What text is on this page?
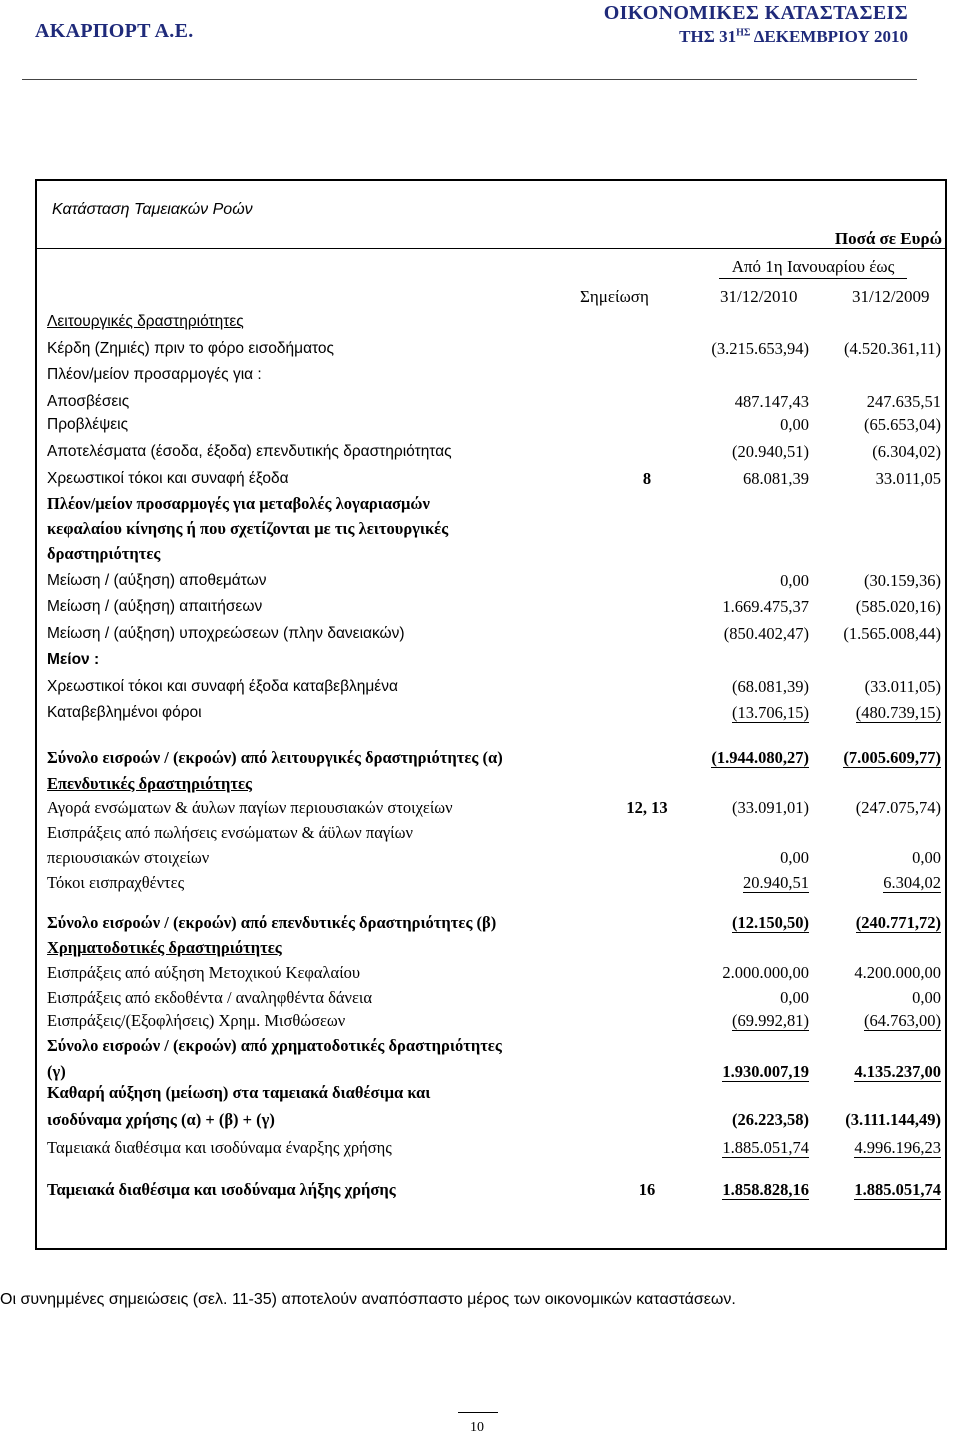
ΑΚΑΡΠΟΡΤ Α.Ε.
ΟΙΚΟΝΟΜΙΚΕΣ ΚΑΤΑΣΤΑΣΕΙΣ
ΤΗΣ $31^{H\Sigma}$ ΔΕΚΕΜΒΡΙΟΥ 2010
Κατάσταση Ταμειακών Ροών
Ποσά σε Ευρώ
Από 1η Ιανουαρίου έως
Σημείωση	31/12/2010	31/12/2009
Λειτουργικές δραστηριότητες
Κέρδη (Ζημιές) πριν το φόρο εισοδήματος	(3.215.653,94)	(4.520.361,11)
Πλέον/μείον προσαρμογές για :
Αποσβέσεις	487.147,43	247.635,51
Προβλέψεις	0,00	(65.653,04)
Αποτελέσματα (έσοδα, έξοδα) επενδυτικής δραστηριότητας	(20.940,51)	(6.304,02)
Χρεωστικοί τόκοι και συναφή έξοδα	8	68.081,39	33.011,05
Πλέον/μείον προσαρμογές για μεταβολές λογαριασμών
κεφαλαίου κίνησης ή που σχετίζονται με τις λειτουργικές
δραστηριότητες
Μείωση / (αύξηση) αποθεμάτων	0,00	(30.159,36)
Μείωση / (αύξηση) απαιτήσεων	1.669.475,37	(585.020,16)
Μείωση / (αύξηση) υποχρεώσεων (πλην δανειακών)	(850.402,47)	(1.565.008,44)
Μείον :
Χρεωστικοί τόκοι και συναφή έξοδα καταβεβλημένα	(68.081,39)	(33.011,05)
Καταβεβλημένοι φόροι	(13.706,15)	(480.739,15)
Σύνολο εισροών / (εκροών) από λειτουργικές δραστηριότητες (α)	(1.944.080,27)	(7.005.609,77)
Επενδυτικές δραστηριότητες
Αγορά ενσώματων & άυλων παγίων περιουσιακών στοιχείων	12, 13	(33.091,01)	(247.075,74)
Εισπράξεις από πωλήσεις ενσώματων & άϋλων παγίων
περιουσιακών στοιχείων	0,00	0,00
Τόκοι εισπραχθέντες	20.940,51	6.304,02
Σύνολο εισροών / (εκροών) από επενδυτικές δραστηριότητες (β)	(12.150,50)	(240.771,72)
Χρηματοδοτικές δραστηριότητες
Εισπράξεις από αύξηση Μετοχικού Κεφαλαίου	2.000.000,00	4.200.000,00
Εισπράξεις από εκδοθέντα / αναληφθέντα δάνεια	0,00	0,00
Εισπράξεις/(Εξοφλήσεις) Χρημ. Μισθώσεων	(69.992,81)	(64.763,00)
Σύνολο εισροών / (εκροών) από χρηματοδοτικές δραστηριότητες
(γ)	1.930.007,19	4.135.237,00
Καθαρή αύξηση (μείωση) στα ταμειακά διαθέσιμα και
ισοδύναμα χρήσης (α) + (β) + (γ)	(26.223,58)	(3.111.144,49)
Ταμειακά διαθέσιμα και ισοδύναμα έναρξης χρήσης	1.885.051,74	4.996.196,23
Ταμειακά διαθέσιμα και ισοδύναμα λήξης χρήσης	16	1.858.828,16	1.885.051,74
Οι συνημμένες σημειώσεις (σελ. 11-35) αποτελούν αναπόσπαστο μέρος των οικονομικών καταστάσεων.
10
